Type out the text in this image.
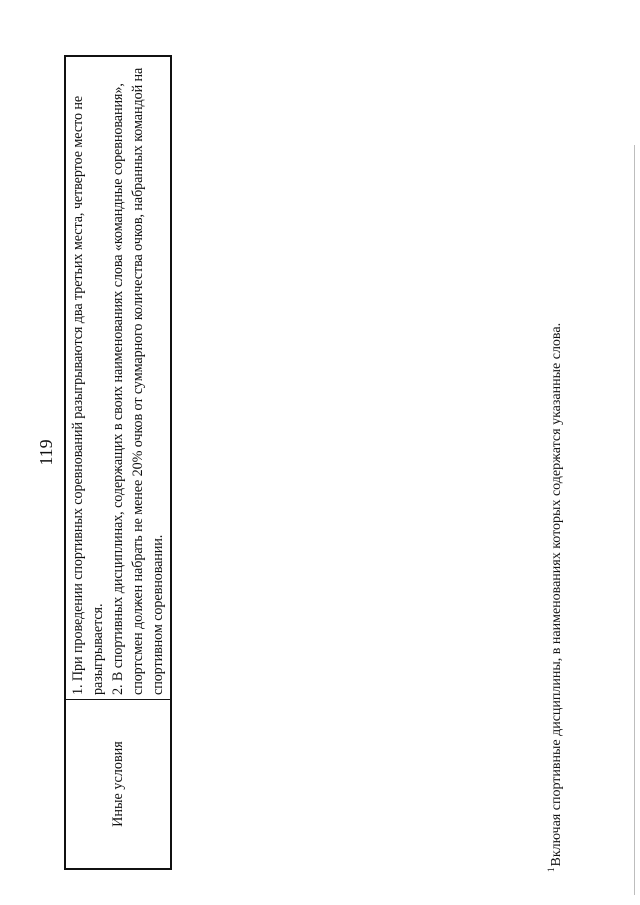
119
Иные условия	

1. При проведении спортивных соревнований разыгрываются два третьих места, четвертое место не разыгрывается. 2. В спортивных дисциплинах, содержащих в своих наименованиях слова «командные соревнования», спортсмен должен набрать не менее 20% очков от суммарного количества очков, набранных командой на спортивном соревновании.

$^1$Включая спортивные дисциплины, в наименованиях которых содержатся указанные слова.
